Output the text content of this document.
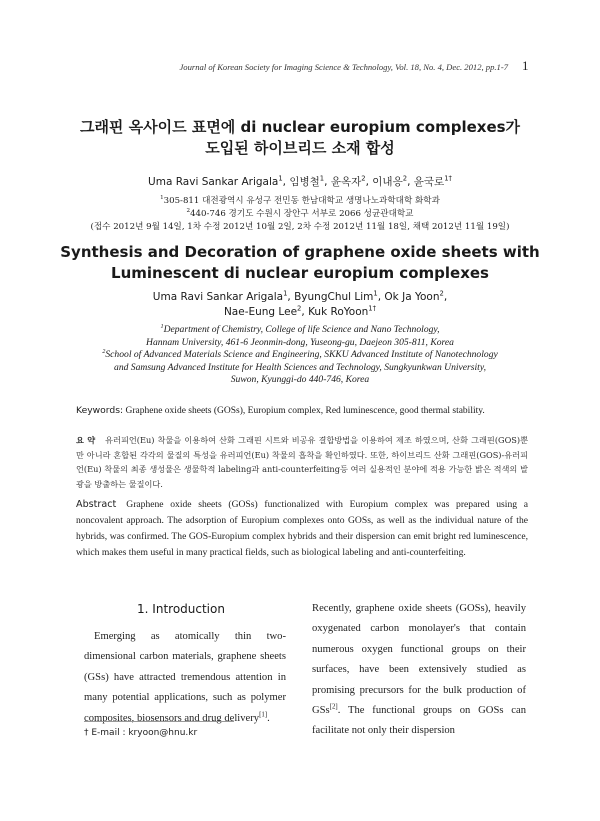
Journal of Korean Society for Imaging Science & Technology, Vol. 18, No. 4, Dec. 2012, pp.1-7 1
그래핀 옥사이드 표면에 di nuclear europium complexes가
도입된 하이브리드 소재 합성
Uma Ravi Sankar Arigala$^1$, 임병철$^1$, 윤옥자$^2$, 이내응$^2$, 윤국로$^{1\dagger}$
$^1$305-811 대전광역시 유성구 전민동 한남대학교 생명나노과학대학 화학과
$^2$440-746 경기도 수원시 장안구 서부로 2066 성균관대학교
(접수 2012년 9월 14일, 1차 수정 2012년 10월 2일, 2차 수정 2012년 11월 18일, 채택 2012년 11월 19일)
Synthesis and Decoration of graphene oxide sheets with
Luminescent di nuclear europium complexes
Uma Ravi Sankar Arigala$^1$, ByungChul Lim$^1$, Ok Ja Yoon$^2$,
Nae-Eung Lee$^2$, Kuk RoYoon$^{1\dagger}$
$^1$Department of Chemistry, College of life Science and Nano Technology,
Hannam University, 461-6 Jeonmin-dong, Yuseong-gu, Daejeon 305-811, Korea
$^2$School of Advanced Materials Science and Engineering, SKKU Advanced Institute of Nanotechnology
and Samsung Advanced Institute for Health Sciences and Technology, Sungkyunkwan University,
Suwon, Kyunggi-do 440-746, Korea
Keywords: Graphene oxide sheets (GOSs), Europium complex, Red luminescence, good thermal stability.
요 약 유러피언(Eu) 착물을 이용하여 산화 그래핀 시트와 비공유 결합방법을 이용하여 제조 하였으며, 산화 그래핀(GOS)뿐만 아니라 혼합된 각각의 물질의 특성을 유러피언(Eu) 착물의 흡착을 확인하였다. 또한, 하이브리드 산화 그래핀(GOS)-유러피언(Eu) 착물의 최종 생성물은 생물학적 labeling과 anti-counterfeiting등 여러 실용적인 분야에 적용 가능한 밝은 적색의 발광을 방출하는 물질이다.
Abstract Graphene oxide sheets (GOSs) functionalized with Europium complex was prepared using a noncovalent approach. The adsorption of Europium complexes onto GOSs, as well as the individual nature of the hybrids, was confirmed. The GOS-Europium complex hybrids and their dispersion can emit bright red luminescence, which makes them useful in many practical fields, such as biological labeling and anti-counterfeiting.
1. Introduction

Emerging as atomically thin two-dimensional carbon materials, graphene sheets (GSs) have attracted tremendous attention in many potential applications, such as polymer composites, biosensors and drug delivery[1].

Recently, graphene oxide sheets (GOSs), heavily oxygenated carbon monolayer's that contain numerous oxygen functional groups on their surfaces, have been extensively studied as promising precursors for the bulk production of GSs[2]. The functional groups on GOSs can facilitate not only their dispersion

† E-mail : kryoon@hnu.kr
